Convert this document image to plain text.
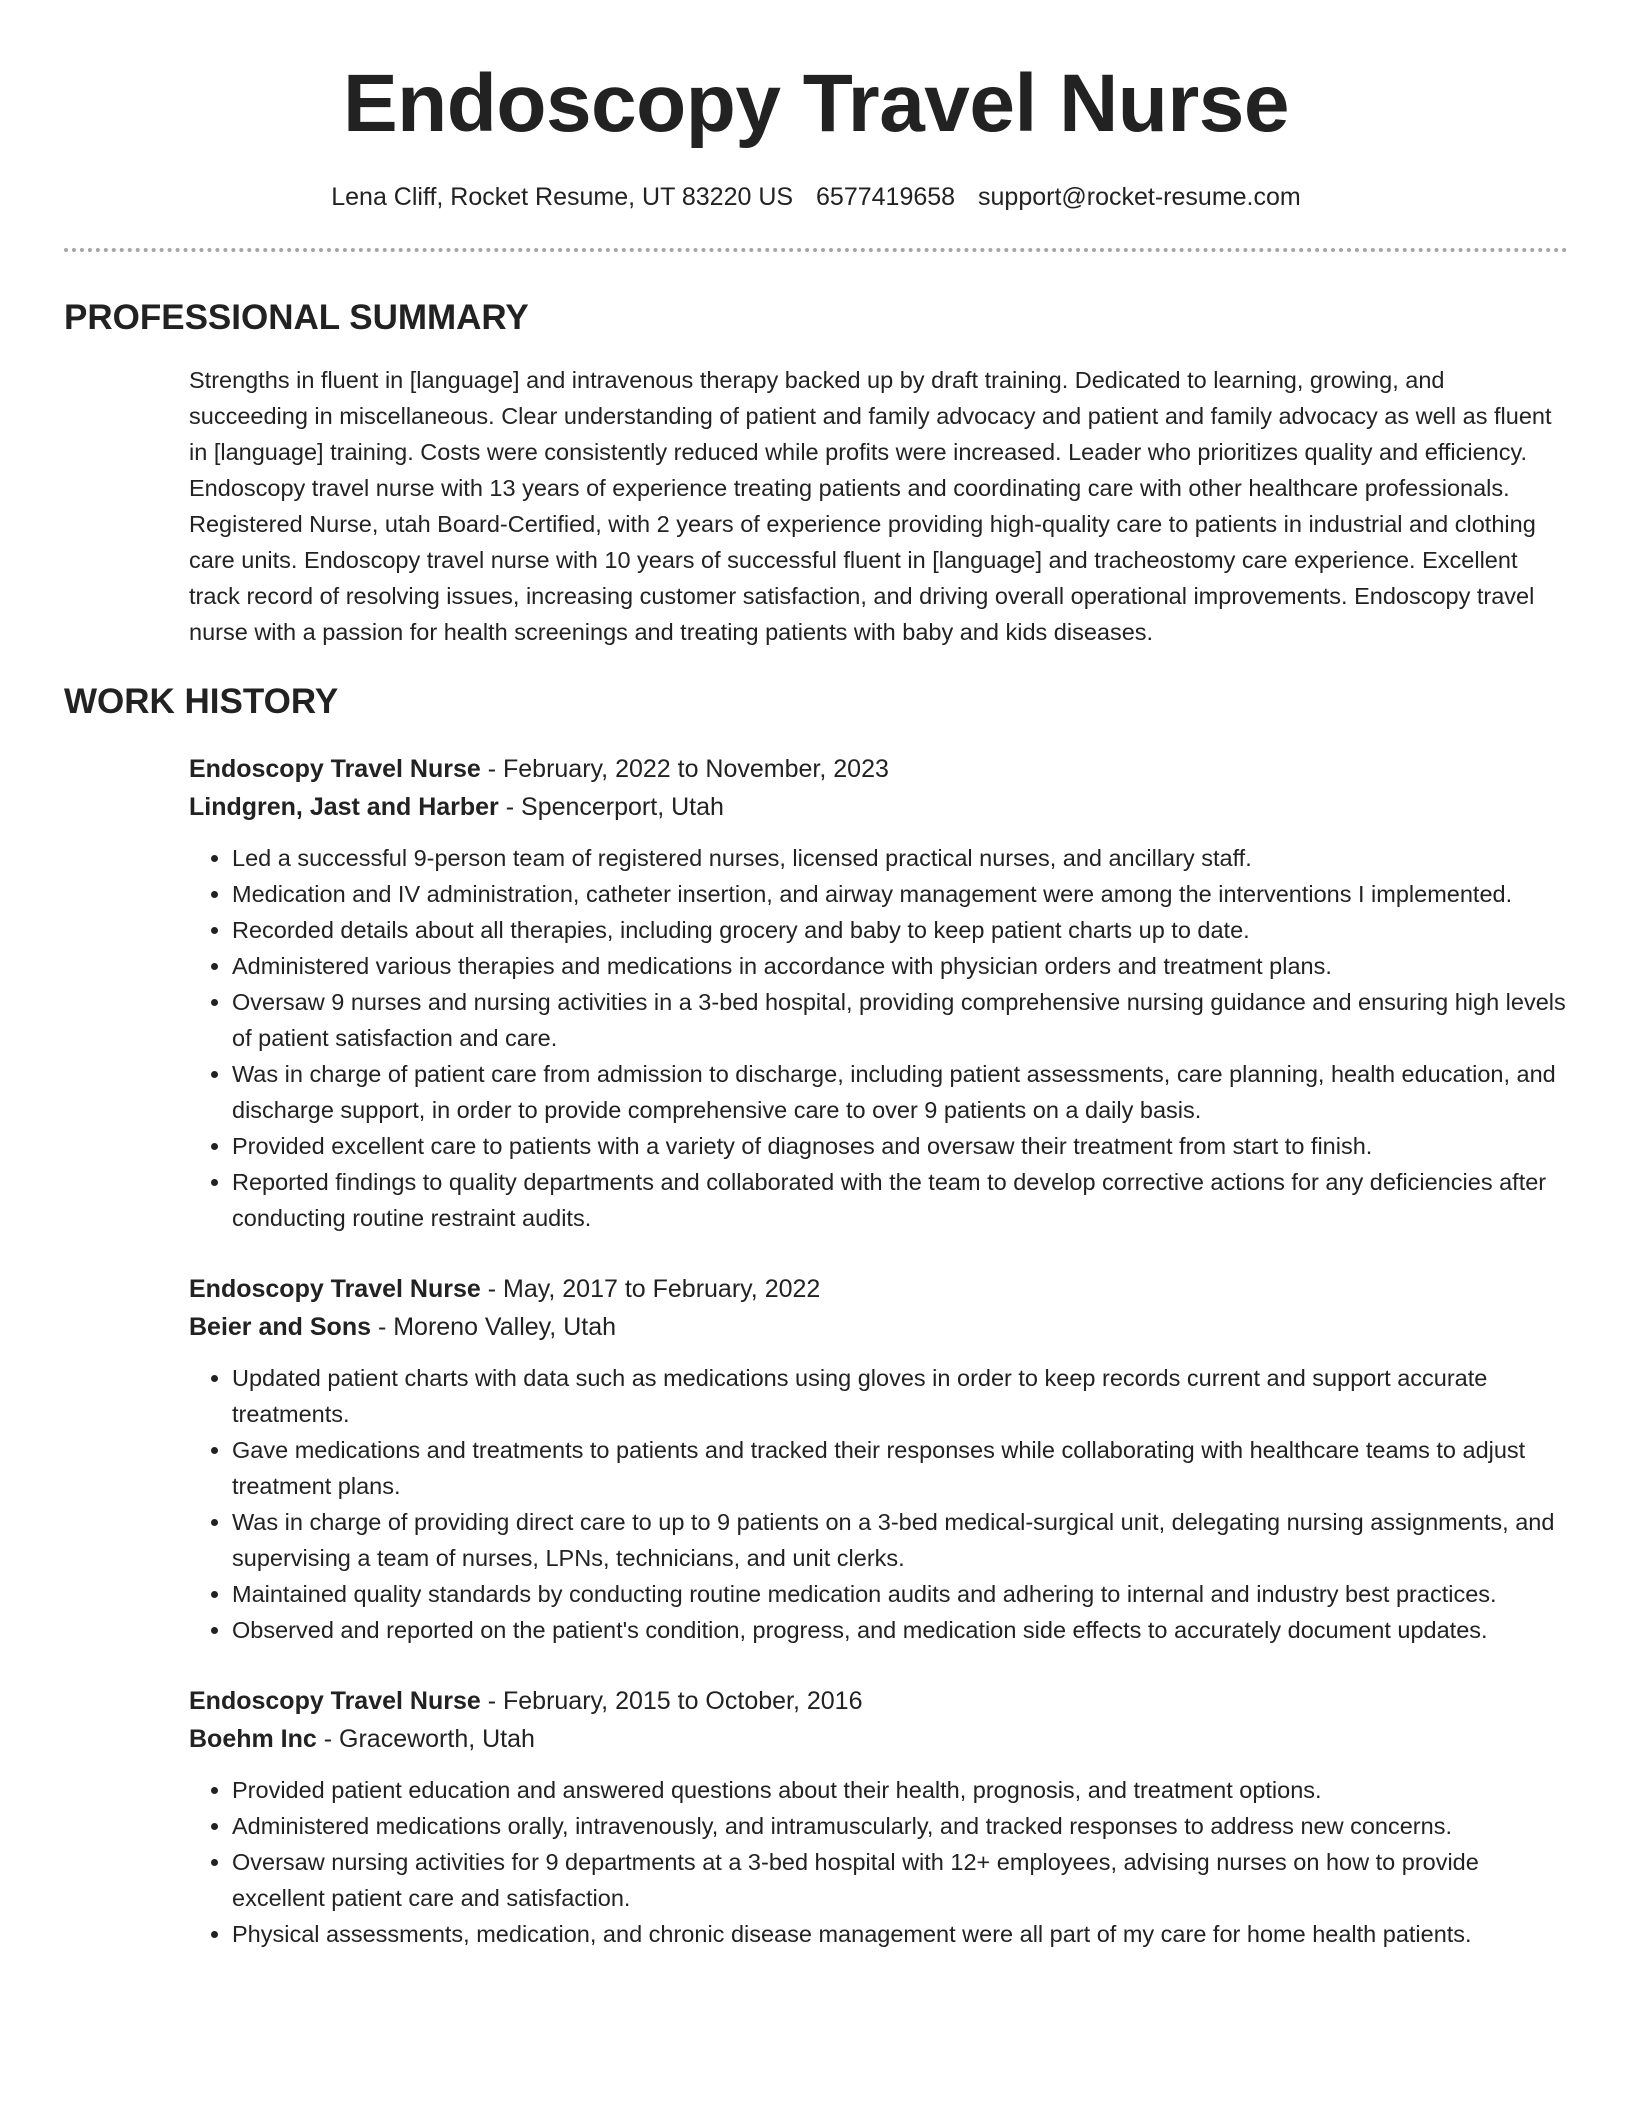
Endoscopy Travel Nurse
Lena Cliff, Rocket Resume, UT 83220 US 6577419658 support@rocket-resume.com
PROFESSIONAL SUMMARY
Strengths in fluent in [language] and intravenous therapy backed up by draft training. Dedicated to learning, growing, and succeeding in miscellaneous. Clear understanding of patient and family advocacy and patient and family advocacy as well as fluent in [language] training. Costs were consistently reduced while profits were increased. Leader who prioritizes quality and efficiency. Endoscopy travel nurse with 13 years of experience treating patients and coordinating care with other healthcare professionals. Registered Nurse, utah Board-Certified, with 2 years of experience providing high-quality care to patients in industrial and clothing care units. Endoscopy travel nurse with 10 years of successful fluent in [language] and tracheostomy care experience. Excellent track record of resolving issues, increasing customer satisfaction, and driving overall operational improvements. Endoscopy travel nurse with a passion for health screenings and treating patients with baby and kids diseases.
WORK HISTORY
Endoscopy Travel Nurse - February, 2022 to November, 2023
Lindgren, Jast and Harber - Spencerport, Utah
• Led a successful 9-person team of registered nurses, licensed practical nurses, and ancillary staff.
• Medication and IV administration, catheter insertion, and airway management were among the interventions I implemented.
• Recorded details about all therapies, including grocery and baby to keep patient charts up to date.
• Administered various therapies and medications in accordance with physician orders and treatment plans.
• Oversaw 9 nurses and nursing activities in a 3-bed hospital, providing comprehensive nursing guidance and ensuring high levels of patient satisfaction and care.
• Was in charge of patient care from admission to discharge, including patient assessments, care planning, health education, and discharge support, in order to provide comprehensive care to over 9 patients on a daily basis.
• Provided excellent care to patients with a variety of diagnoses and oversaw their treatment from start to finish.
• Reported findings to quality departments and collaborated with the team to develop corrective actions for any deficiencies after conducting routine restraint audits.
Endoscopy Travel Nurse - May, 2017 to February, 2022
Beier and Sons - Moreno Valley, Utah
• Updated patient charts with data such as medications using gloves in order to keep records current and support accurate treatments.
• Gave medications and treatments to patients and tracked their responses while collaborating with healthcare teams to adjust treatment plans.
• Was in charge of providing direct care to up to 9 patients on a 3-bed medical-surgical unit, delegating nursing assignments, and supervising a team of nurses, LPNs, technicians, and unit clerks.
• Maintained quality standards by conducting routine medication audits and adhering to internal and industry best practices.
• Observed and reported on the patient's condition, progress, and medication side effects to accurately document updates.
Endoscopy Travel Nurse - February, 2015 to October, 2016
Boehm Inc - Graceworth, Utah
• Provided patient education and answered questions about their health, prognosis, and treatment options.
• Administered medications orally, intravenously, and intramuscularly, and tracked responses to address new concerns.
• Oversaw nursing activities for 9 departments at a 3-bed hospital with 12+ employees, advising nurses on how to provide excellent patient care and satisfaction.
• Physical assessments, medication, and chronic disease management were all part of my care for home health patients.
